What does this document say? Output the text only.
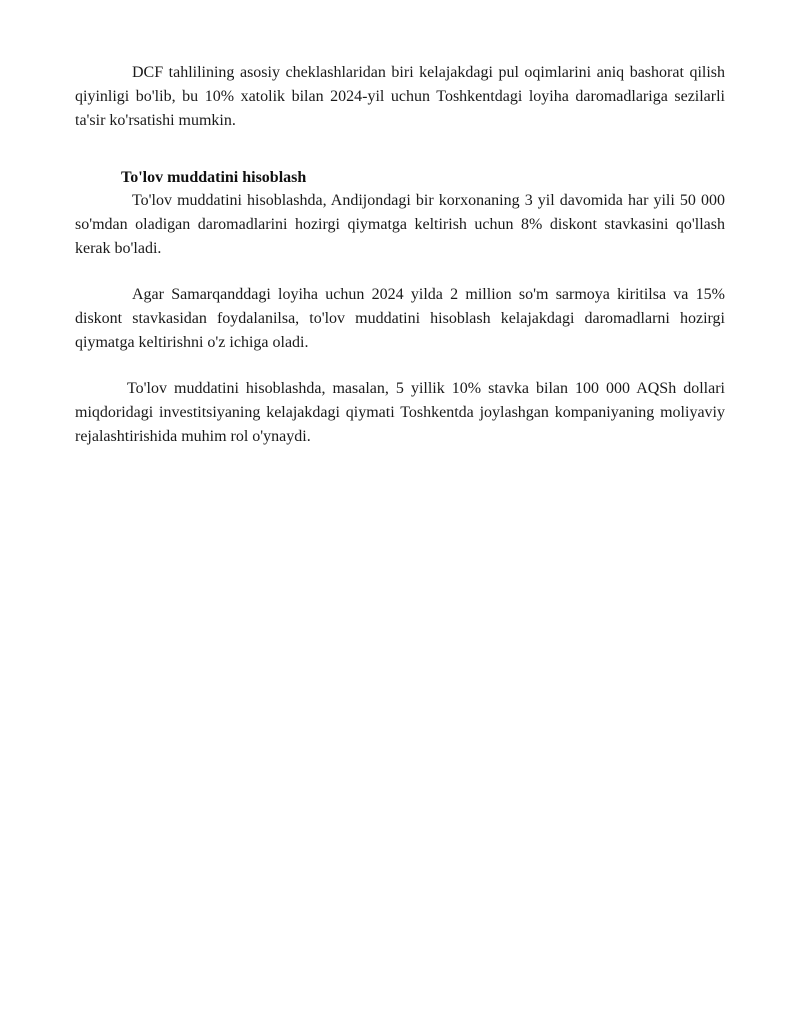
DCF tahlilining asosiy cheklashlaridan biri kelajakdagi pul oqimlarini aniq bashorat qilish qiyinligi bo'lib, bu 10% xatolik bilan 2024-yil uchun Toshkentdagi loyiha daromadlariga sezilarli ta'sir ko'rsatishi mumkin.

To'lov muddatini hisoblash

To'lov muddatini hisoblashda, Andijondagi bir korxonaning 3 yil davomida har yili 50 000 so'mdan oladigan daromadlarini hozirgi qiymatga keltirish uchun 8% diskont stavkasini qo'llash kerak bo'ladi.

Agar Samarqanddagi loyiha uchun 2024 yilda 2 million so'm sarmoya kiritilsa va 15% diskont stavkasidan foydalanilsa, to'lov muddatini hisoblash kelajakdagi daromadlarni hozirgi qiymatga keltirishni o'z ichiga oladi.

To'lov muddatini hisoblashda, masalan, 5 yillik 10% stavka bilan 100 000 AQSh dollari miqdoridagi investitsiyaning kelajakdagi qiymati Toshkentda joylashgan kompaniyaning moliyaviy rejalashtirishida muhim rol o'ynaydi.
